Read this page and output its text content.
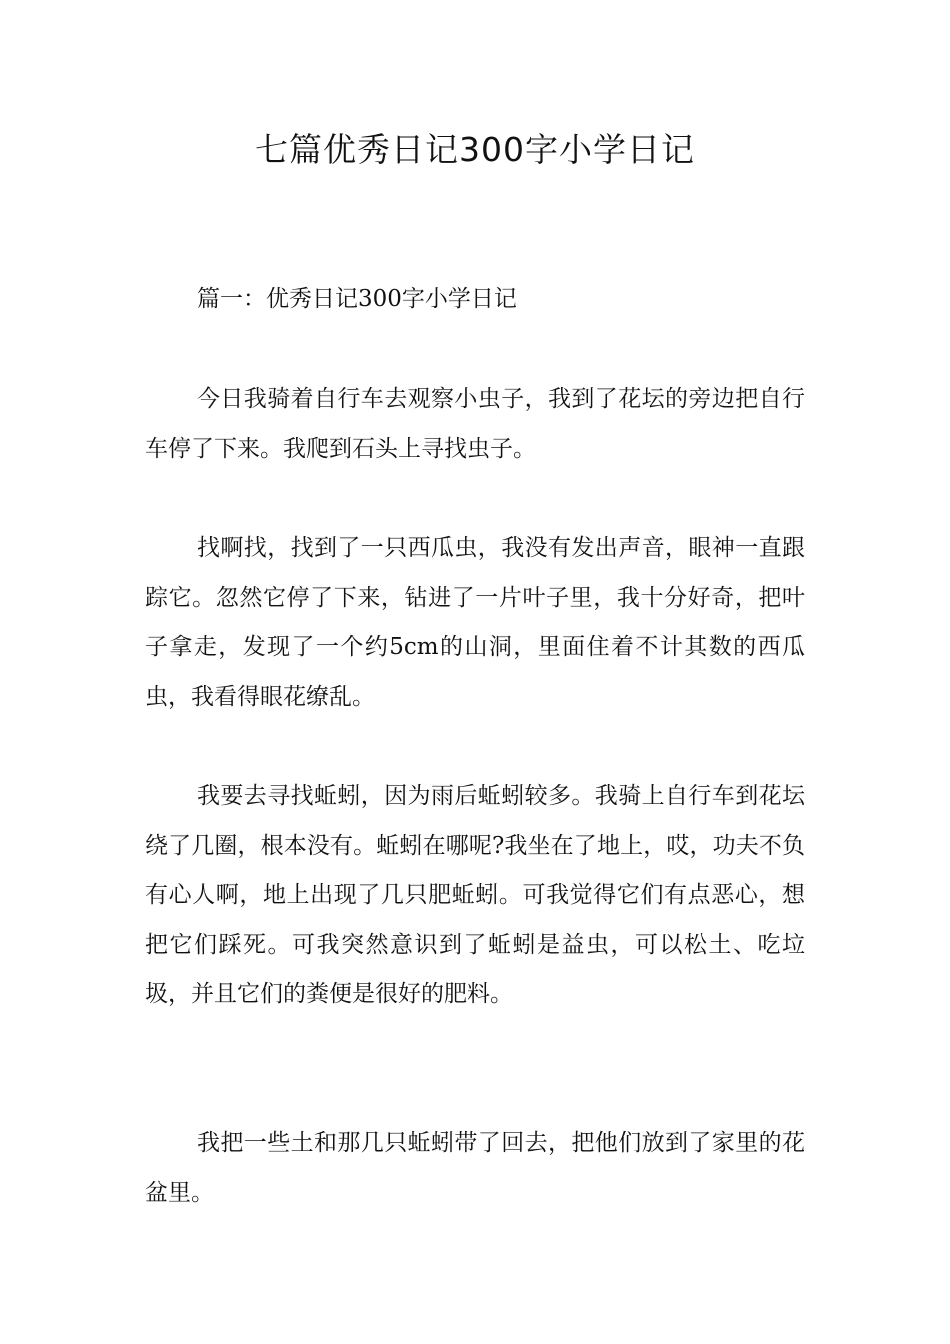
七篇优秀日记300字小学日记

篇一：优秀日记300字小学日记

今日我骑着自行车去观察小虫子，我到了花坛的旁边把自行车停了下来。我爬到石头上寻找虫子。

找啊找，找到了一只西瓜虫，我没有发出声音，眼神一直跟踪它。忽然它停了下来，钻进了一片叶子里，我十分好奇，把叶子拿走，发现了一个约5cm的山洞，里面住着不计其数的西瓜虫，我看得眼花缭乱。

我要去寻找蚯蚓，因为雨后蚯蚓较多。我骑上自行车到花坛绕了几圈，根本没有。蚯蚓在哪呢?我坐在了地上，哎，功夫不负有心人啊，地上出现了几只肥蚯蚓。可我觉得它们有点恶心，想把它们踩死。可我突然意识到了蚯蚓是益虫，可以松土、吃垃圾，并且它们的粪便是很好的肥料。

我把一些土和那几只蚯蚓带了回去，把他们放到了家里的花盆里。
